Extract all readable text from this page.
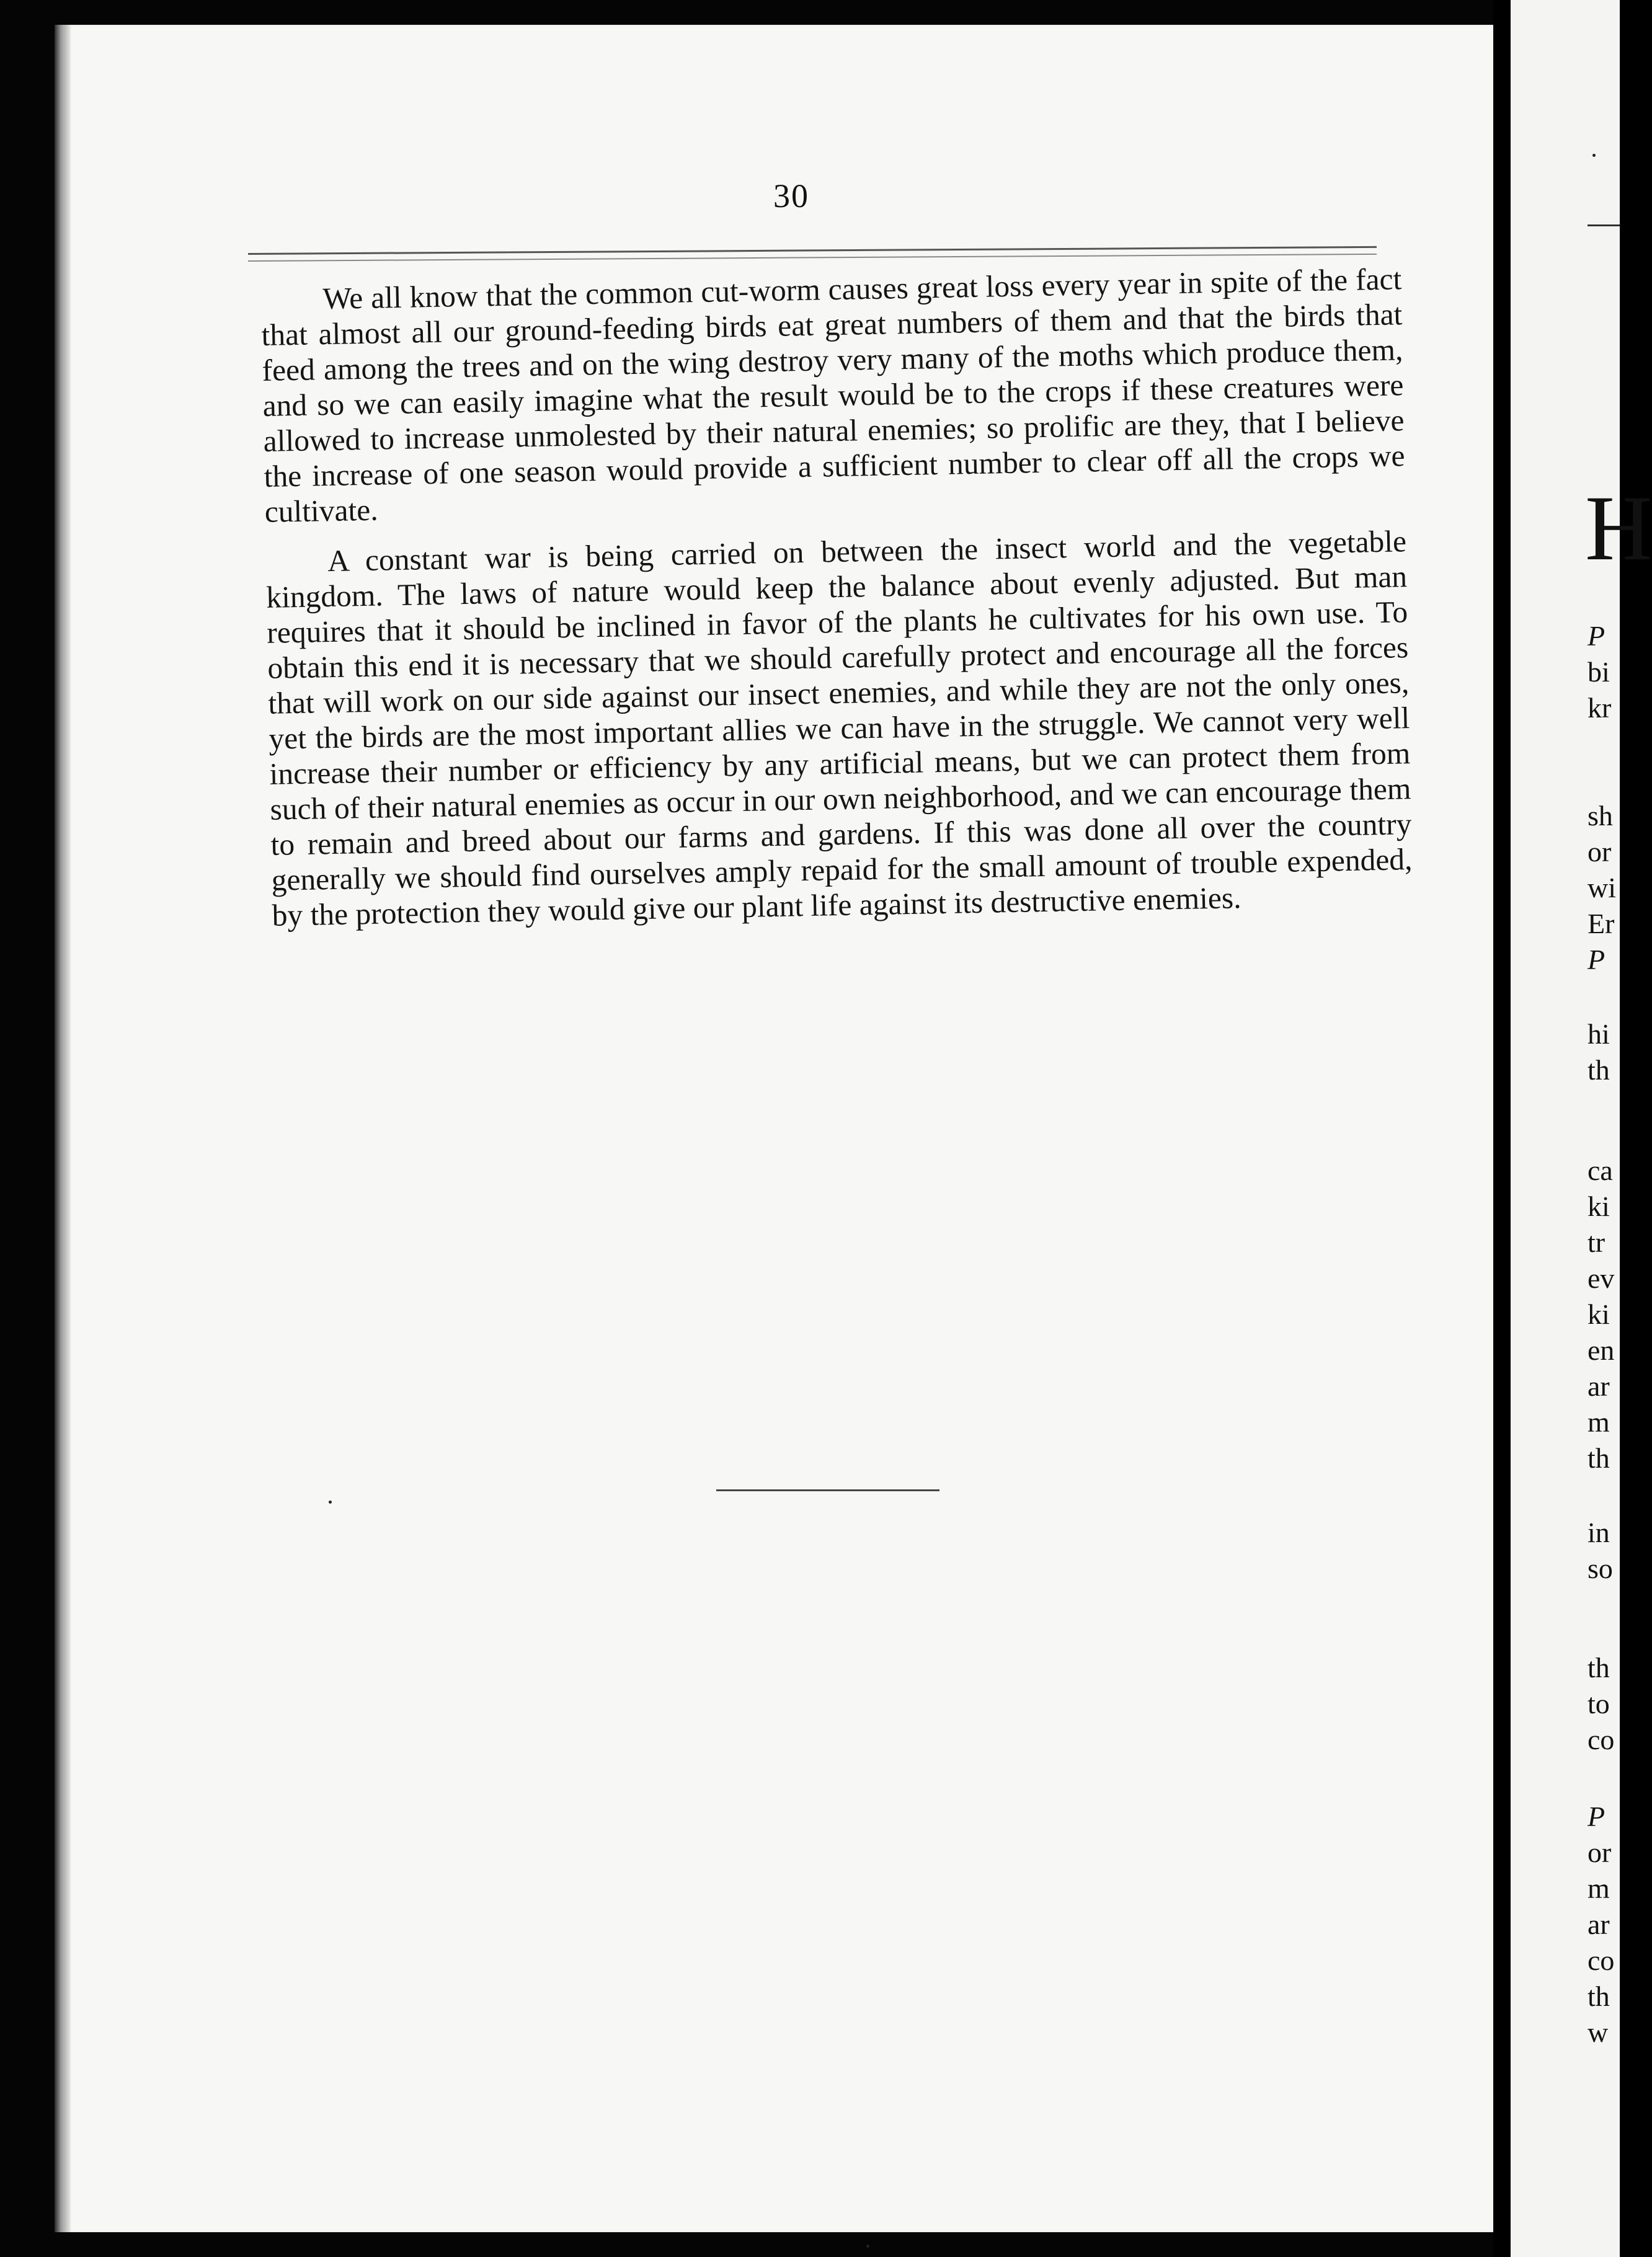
30

We all know that the common cut-worm causes great loss every year in spite of the fact that almost all our ground-feeding birds eat great numbers of them and that the birds that feed among the trees and on the wing destroy very many of the moths which produce them, and so we can easily imagine what the result would be to the crops if these creatures were allowed to increase unmolested by their natural enemies; so prolific are they, that I believe the increase of one season would provide a sufficient number to clear off all the crops we cultivate.

A constant war is being carried on between the insect world and the vegetable kingdom. The laws of nature would keep the balance about evenly adjusted. But man requires that it should be inclined in favor of the plants he cultivates for his own use. To obtain this end it is necessary that we should carefully protect and encourage all the forces that will work on our side against our insect enemies, and while they are not the only ones, yet the birds are the most important allies we can have in the struggle. We cannot very well increase their number or efficiency by any artificial means, but we can protect them from such of their natural enemies as occur in our own neighborhood, and we can encourage them to remain and breed about our farms and gardens. If this was done all over the country generally we should find ourselves amply repaid for the small amount of trouble expended, by the protection they would give our plant life against its destructive enemies.

H
P
bi
kr
sh
or
wi
Er
P
hi
th
ca
ki
tr
ev
ki
en
ar
m
th
in
so
th
to
co
P
or
m
ar
co
th
w
